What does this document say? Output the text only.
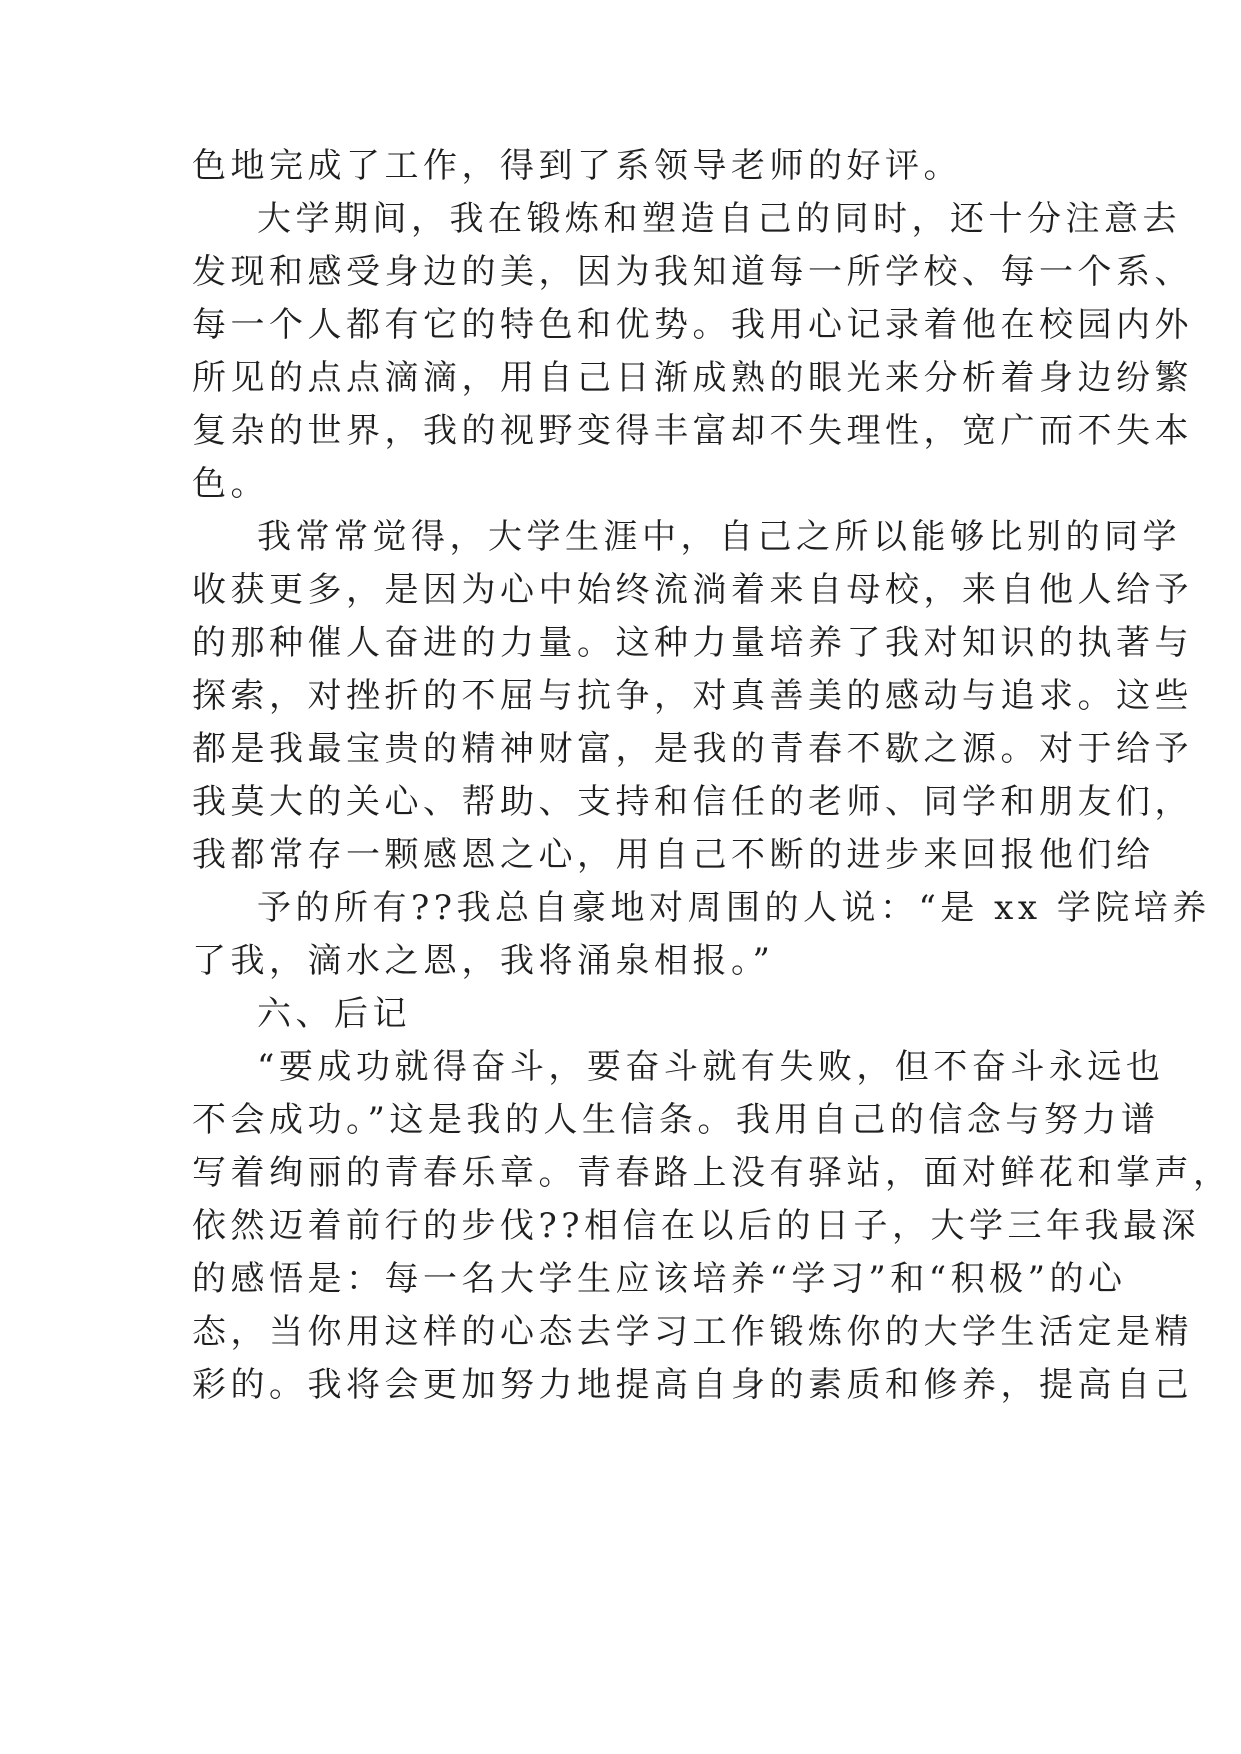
色地完成了工作，得到了系领导老师的好评。
大学期间，我在锻炼和塑造自己的同时，还十分注意去
发现和感受身边的美，因为我知道每一所学校、每一个系、
每一个人都有它的特色和优势。我用心记录着他在校园内外
所见的点点滴滴，用自己日渐成熟的眼光来分析着身边纷繁
复杂的世界，我的视野变得丰富却不失理性，宽广而不失本
色。
我常常觉得，大学生涯中，自己之所以能够比别的同学
收获更多，是因为心中始终流淌着来自母校，来自他人给予
的那种催人奋进的力量。这种力量培养了我对知识的执著与
探索，对挫折的不屈与抗争，对真善美的感动与追求。这些
都是我最宝贵的精神财富，是我的青春不歇之源。对于给予
我莫大的关心、帮助、支持和信任的老师、同学和朋友们，
我都常存一颗感恩之心，用自己不断的进步来回报他们给
予的所有??我总自豪地对周围的人说：“是 xx 学院培养
了我，滴水之恩，我将涌泉相报。”
六、后记
“要成功就得奋斗，要奋斗就有失败，但不奋斗永远也
不会成功。”这是我的人生信条。我用自己的信念与努力谱
写着绚丽的青春乐章。青春路上没有驿站，面对鲜花和掌声，
依然迈着前行的步伐??相信在以后的日子，大学三年我最深
的感悟是：每一名大学生应该培养“学习”和“积极”的心
态，当你用这样的心态去学习工作锻炼你的大学生活定是精
彩的。我将会更加努力地提高自身的素质和修养，提高自己
